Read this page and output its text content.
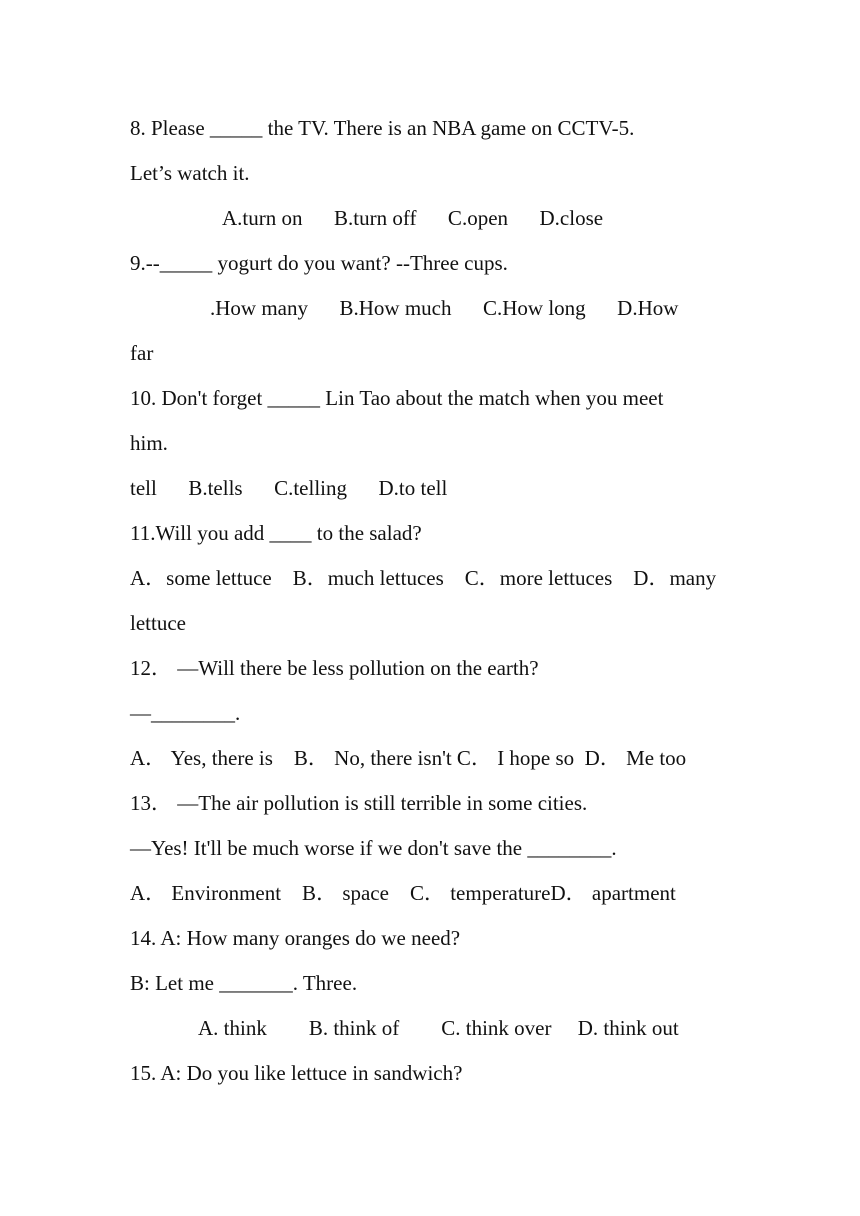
8. Please _____ the TV. There is an NBA game on CCTV-5.
Let’s watch it.
A.turn on      B.turn off      C.open      D.close
9.--_____ yogurt do you want? --Three cups.
.How many      B.How much      C.How long      D.How
far
10. Don't forget _____ Lin Tao about the match when you meet
him.
tell      B.tells      C.telling      D.to tell
11.Will you add ____ to the salad?
A．some lettuce    B．much lettuces    C．more lettuces    D．many
lettuce
12． —Will there be less pollution on the earth?
—________.
A． Yes, there is    B． No, there isn't C． I hope so  D． Me too
13． —The air pollution is still terrible in some cities.
—Yes! It'll be much worse if we don't save the ________.
A． Environment    B． space    C． temperatureD． apartment
14. A: How many oranges do we need?
B: Let me _______. Three.
A. think        B. think of        C. think over     D. think out
15. A: Do you like lettuce in sandwich?
